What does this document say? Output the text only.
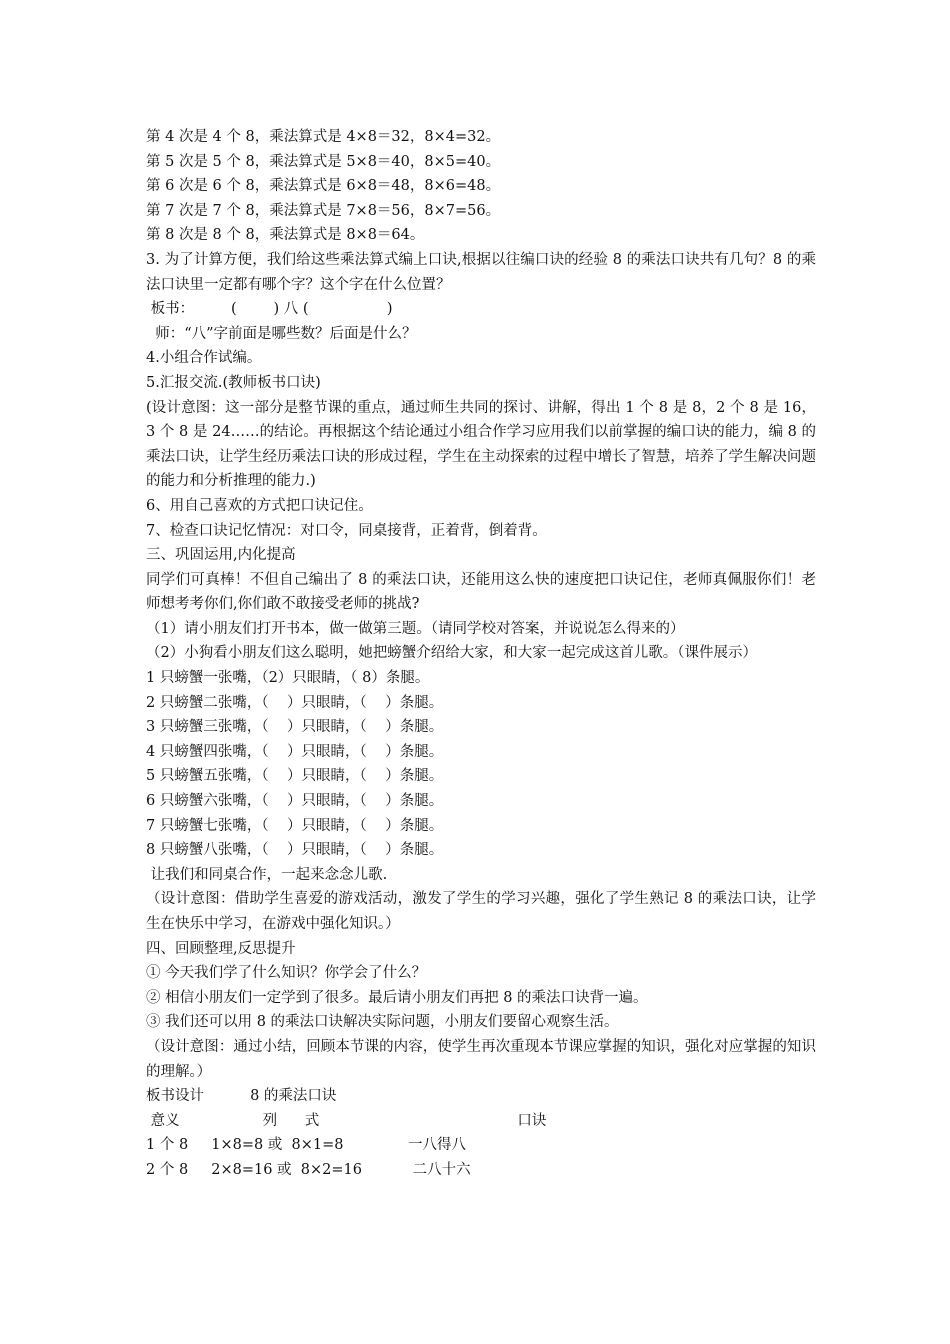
第 4 次是 4 个 8，乘法算式是 4×8＝32，8×4=32。

第 5 次是 5 个 8，乘法算式是 5×8＝40，8×5=40。

第 6 次是 6 个 8，乘法算式是 6×8＝48，8×6=48。

第 7 次是 7 个 8，乘法算式是 7×8＝56，8×7=56。

第 8 次是 8 个 8，乘法算式是 8×8＝64。

3. 为了计算方便，我们给这些乘法算式编上口诀,根据以往编口诀的经验 8 的乘法口诀共有几句？8 的乘法口诀里一定都有哪个字？这个字在什么位置？

板书：        (        ) 八 (                 )

师：“八”字前面是哪些数？后面是什么？

4.小组合作试编。

5.汇报交流.(教师板书口诀)

(设计意图：这一部分是整节课的重点，通过师生共同的探讨、讲解，得出 1 个 8 是 8，2 个 8 是 16，3 个 8 是 24……的结论。再根据这个结论通过小组合作学习应用我们以前掌握的编口诀的能力，编 8 的乘法口诀，让学生经历乘法口诀的形成过程，学生在主动探索的过程中增长了智慧，培养了学生解决问题的能力和分析推理的能力.)

6、用自己喜欢的方式把口诀记住。

7、检查口诀记忆情况：对口令，同桌接背，正着背，倒着背。

三、巩固运用,内化提高

同学们可真棒！不但自己编出了 8 的乘法口诀，还能用这么快的速度把口诀记住，老师真佩服你们！老师想考考你们,你们敢不敢接受老师的挑战?

（1）请小朋友们打开书本，做一做第三题。（请同学校对答案，并说说怎么得来的）

（2）小狗看小朋友们这么聪明，她把螃蟹介绍给大家，和大家一起完成这首儿歌。（课件展示）

1 只螃蟹一张嘴，（2）只眼睛，（ 8）条腿。

2 只螃蟹二张嘴，（    ）只眼睛，（    ）条腿。

3 只螃蟹三张嘴，（    ）只眼睛，（    ）条腿。

4 只螃蟹四张嘴，（    ）只眼睛，（    ）条腿。

5 只螃蟹五张嘴，（    ）只眼睛，（    ）条腿。

6 只螃蟹六张嘴，（    ）只眼睛，（    ）条腿。

7 只螃蟹七张嘴，（    ）只眼睛，（    ）条腿。

8 只螃蟹八张嘴，（    ）只眼睛，（    ）条腿。

让我们和同桌合作，一起来念念儿歌.

（设计意图：借助学生喜爱的游戏活动，激发了学生的学习兴趣，强化了学生熟记 8 的乘法口诀，让学生在快乐中学习，在游戏中强化知识。）

四、回顾整理,反思提升

① 今天我们学了什么知识？你学会了什么？

② 相信小朋友们一定学到了很多。最后请小朋友们再把 8 的乘法口诀背一遍。

③ 我们还可以用 8 的乘法口诀解决实际问题，小朋友们要留心观察生活。

（设计意图：通过小结，回顾本节课的内容，使学生再次重现本节课应掌握的知识，强化对应掌握的知识的理解。）

板书设计          8 的乘法口诀

意义                  列      式                                           口诀

1 个 8     1×8=8 或  8×1=8              一八得八

2 个 8     2×8=16 或  8×2=16           二八十六
